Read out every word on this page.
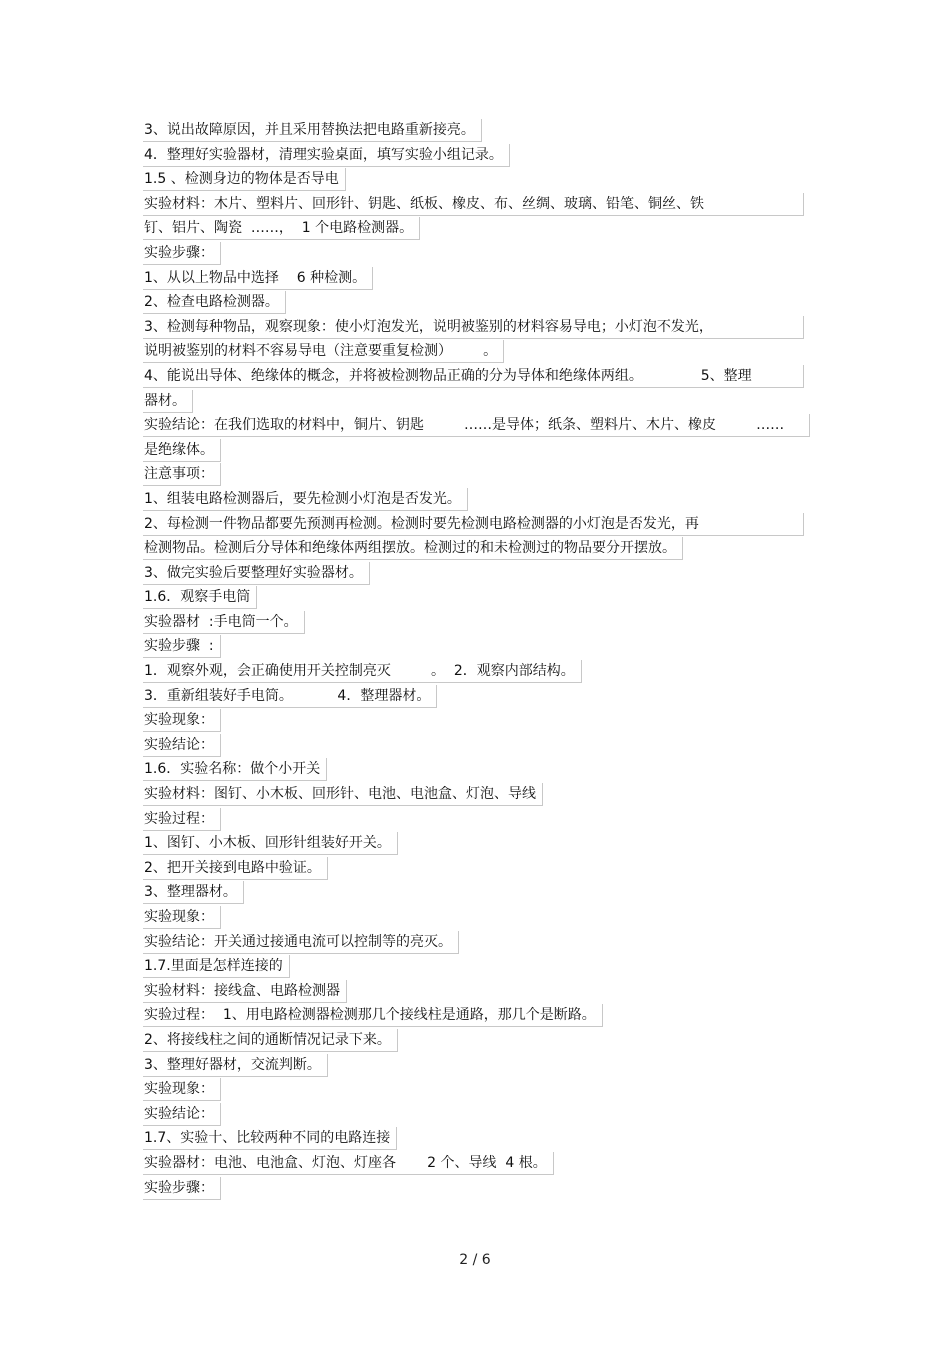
3、说出故障原因，并且采用替换法把电路重新接亮。
4．整理好实验器材，清理实验桌面，填写实验小组记录。
1.5 、检测身边的物体是否导电
实验材料：木片、塑料片、回形针、钥匙、纸板、橡皮、布、丝绸、玻璃、铅笔、铜丝、铁
钉、铝片、陶瓷  ……，  1 个电路检测器。
实验步骤：
1、从以上物品中选择    6 种检测。
2、检查电路检测器。
3、检测每种物品，观察现象：使小灯泡发光，说明被鉴别的材料容易导电；小灯泡不发光，
说明被鉴别的材料不容易导电（注意要重复检测）       。
4、能说出导体、绝缘体的概念，并将被检测物品正确的分为导体和绝缘体两组。             5、整理
器材。
实验结论：在我们选取的材料中，铜片、钥匙         ……是导体；纸条、塑料片、木片、橡皮         ……
是绝缘体。
注意事项：
1、组装电路检测器后，要先检测小灯泡是否发光。
2、每检测一件物品都要先预测再检测。检测时要先检测电路检测器的小灯泡是否发光，再
检测物品。检测后分导体和绝缘体两组摆放。检测过的和未检测过的物品要分开摆放。
3、做完实验后要整理好实验器材。
1.6．观察手电筒
实验器材  :手电筒一个。
实验步骤  :
1．观察外观，会正确使用开关控制亮灭         。  2．观察内部结构。
3．重新组装好手电筒。          4．整理器材。
实验现象：
实验结论：
1.6．实验名称：做个小开关
实验材料：图钉、小木板、回形针、电池、电池盒、灯泡、导线
实验过程：
1、图钉、小木板、回形针组装好开关。
2、把开关接到电路中验证。
3、整理器材。
实验现象：
实验结论：开关通过接通电流可以控制等的亮灭。
1.7.里面是怎样连接的
实验材料：接线盒、电路检测器
实验过程：  1、用电路检测器检测那几个接线柱是通路，那几个是断路。
2、将接线柱之间的通断情况记录下来。
3、整理好器材，交流判断。
实验现象：
实验结论：
1.7、实验十、比较两种不同的电路连接
实验器材：电池、电池盒、灯泡、灯座各       2 个、导线  4 根。
实验步骤：
2 / 6
